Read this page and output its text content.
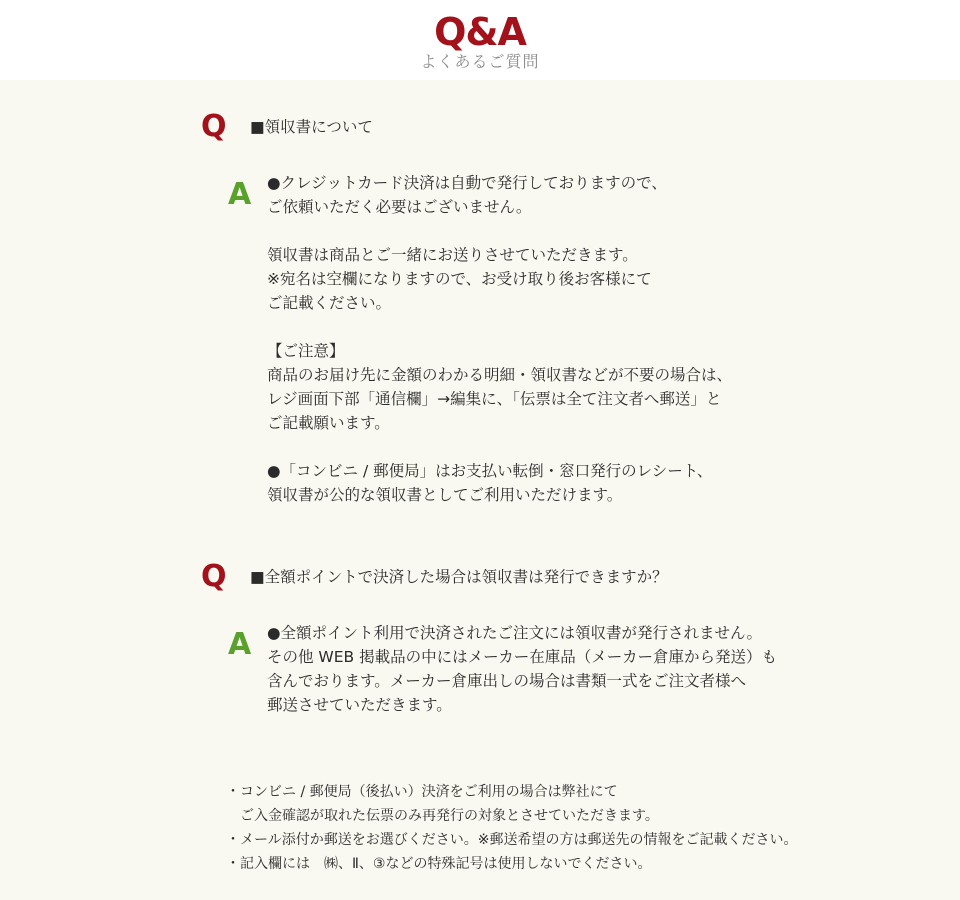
Q&A
よくあるご質問
Q ■領収書について
A ●クレジットカード決済は自動で発行しておりますので、
ご依頼いただく必要はございません。
領収書は商品とご一緒にお送りさせていただきます。
※宛名は空欄になりますので、お受け取り後お客様にて
ご記載ください。
【ご注意】
商品のお届け先に金額のわかる明細・領収書などが不要の場合は、
レジ画面下部「通信欄」→編集に、「伝票は全て注文者へ郵送」と
ご記載願います。
●「コンビニ / 郵便局」はお支払い転倒・窓口発行のレシート、
領収書が公的な領収書としてご利用いただけます。
Q ■全額ポイントで決済した場合は領収書は発行できますか？
A ●全額ポイント利用で決済されたご注文には領収書が発行されません。
その他 WEB 掲載品の中にはメーカー在庫品（メーカー倉庫から発送）も
含んでおります。メーカー倉庫出しの場合は書類一式をご注文者様へ
郵送させていただきます。
・コンビニ / 郵便局（後払い）決済をご利用の場合は弊社にて
　ご入金確認が取れた伝票のみ再発行の対象とさせていただきます。
・メール添付か郵送をお選びください。※郵送希望の方は郵送先の情報をご記載ください。
・記入欄には　㈱、Ⅱ、③などの特殊記号は使用しないでください。
